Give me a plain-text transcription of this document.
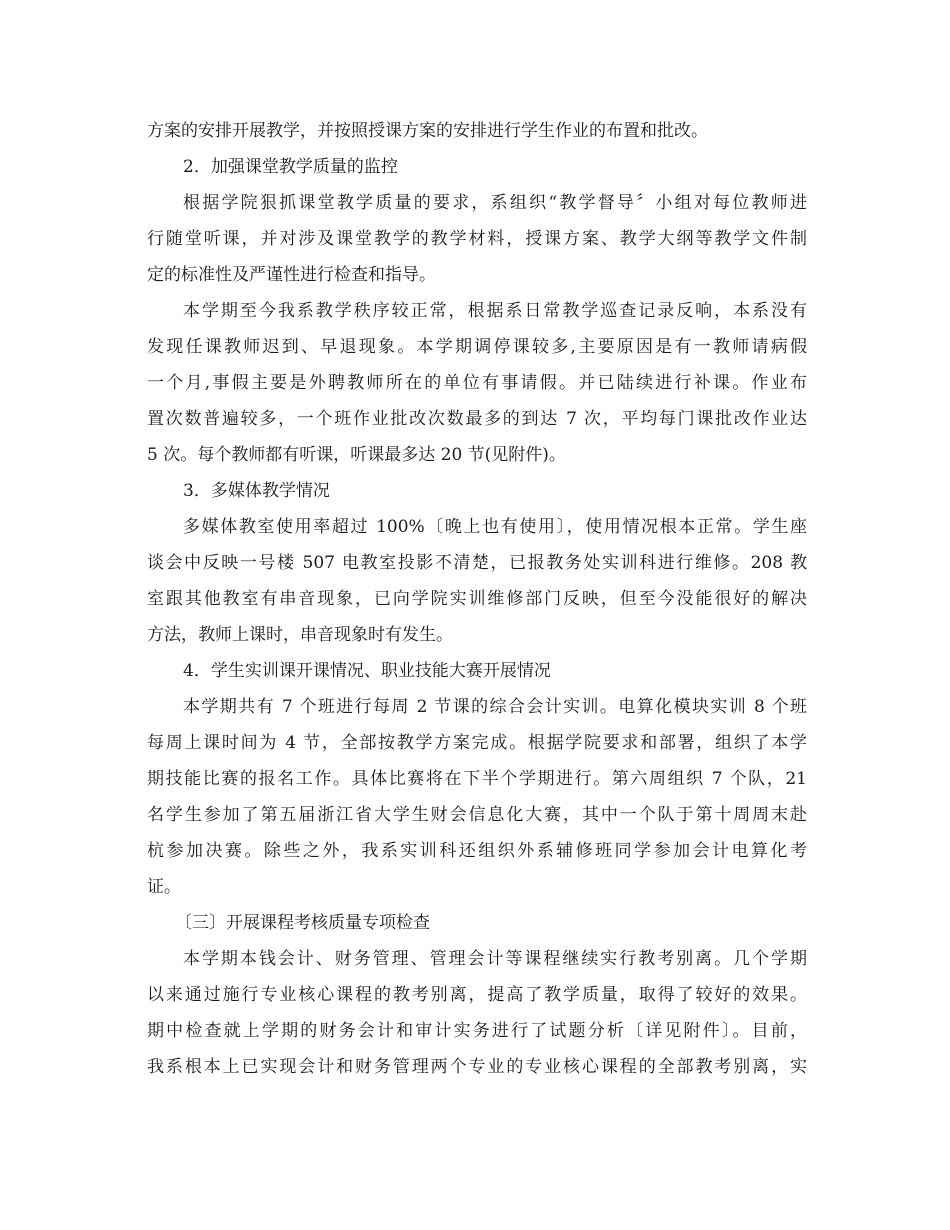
方案的安排开展教学，并按照授课方案的安排进行学生作业的布置和批改。
2．加强课堂教学质量的监控
根据学院狠抓课堂教学质量的要求，系组织“教学督导〞小组对每位教师进
行随堂听课，并对涉及课堂教学的教学材料，授课方案、教学大纲等教学文件制
定的标准性及严谨性进行检查和指导。
本学期至今我系教学秩序较正常，根据系日常教学巡查记录反响，本系没有
发现任课教师迟到、早退现象。本学期调停课较多,主要原因是有一教师请病假
一个月,事假主要是外聘教师所在的单位有事请假。并已陆续进行补课。作业布
置次数普遍较多，一个班作业批改次数最多的到达 7 次，平均每门课批改作业达
5 次。每个教师都有听课，听课最多达 20 节(见附件)。
3．多媒体教学情况
多媒体教室使用率超过 100%〔晚上也有使用〕，使用情况根本正常。学生座
谈会中反映一号楼 507 电教室投影不清楚，已报教务处实训科进行维修。208 教
室跟其他教室有串音现象，已向学院实训维修部门反映，但至今没能很好的解决
方法，教师上课时，串音现象时有发生。
4．学生实训课开课情况、职业技能大赛开展情况
本学期共有 7 个班进行每周 2 节课的综合会计实训。电算化模块实训 8 个班
每周上课时间为 4 节，全部按教学方案完成。根据学院要求和部署，组织了本学
期技能比赛的报名工作。具体比赛将在下半个学期进行。第六周组织 7 个队，21
名学生参加了第五届浙江省大学生财会信息化大赛，其中一个队于第十周周末赴
杭参加决赛。除些之外，我系实训科还组织外系辅修班同学参加会计电算化考
证。
〔三〕开展课程考核质量专项检查
本学期本钱会计、财务管理、管理会计等课程继续实行教考别离。几个学期
以来通过施行专业核心课程的教考别离，提高了教学质量，取得了较好的效果。
期中检查就上学期的财务会计和审计实务进行了试题分析〔详见附件〕。目前，
我系根本上已实现会计和财务管理两个专业的专业核心课程的全部教考别离，实
